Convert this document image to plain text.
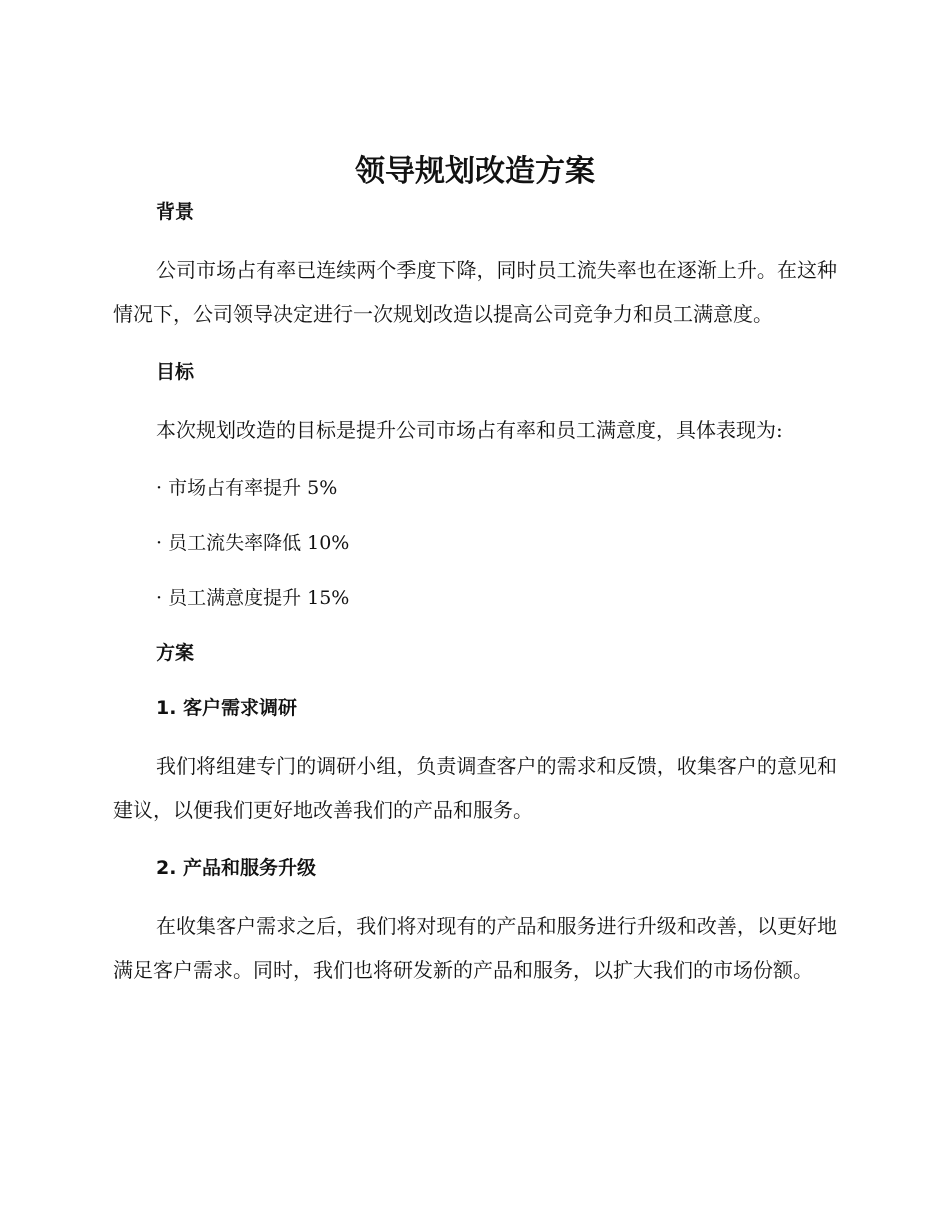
领导规划改造方案
背景

公司市场占有率已连续两个季度下降，同时员工流失率也在逐渐上升。在这种情况下，公司领导决定进行一次规划改造以提高公司竞争力和员工满意度。

目标

本次规划改造的目标是提升公司市场占有率和员工满意度，具体表现为:

· 市场占有率提升 5%
· 员工流失率降低 10%
· 员工满意度提升 15%
方案
1. 客户需求调研

我们将组建专门的调研小组，负责调查客户的需求和反馈，收集客户的意见和建议，以便我们更好地改善我们的产品和服务。

2. 产品和服务升级

在收集客户需求之后，我们将对现有的产品和服务进行升级和改善，以更好地满足客户需求。同时，我们也将研发新的产品和服务，以扩大我们的市场份额。
